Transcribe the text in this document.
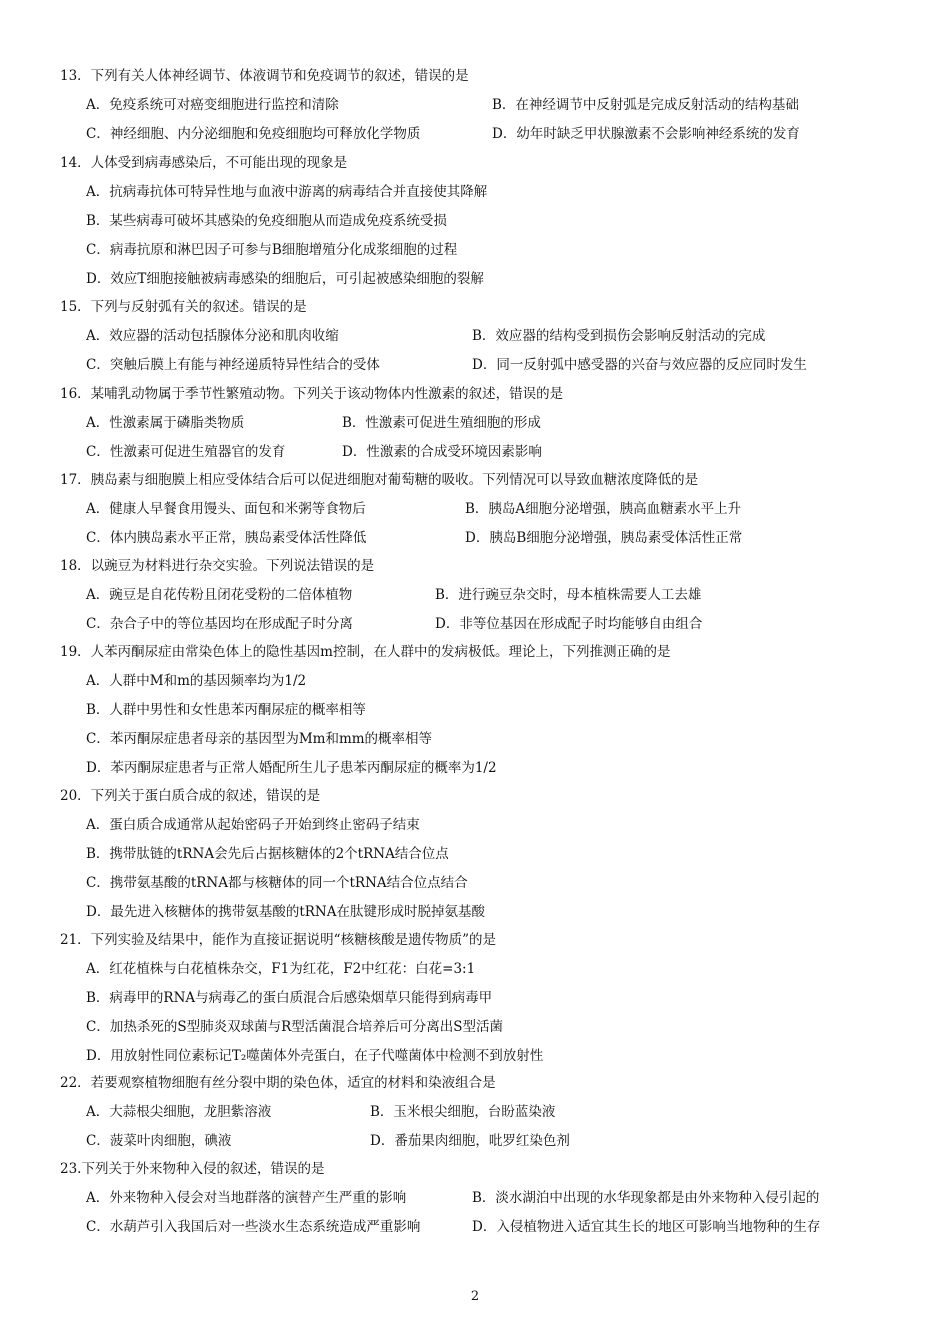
13．下列有关人体神经调节、体液调节和免疫调节的叙述，错误的是
A．免疫系统可对癌变细胞进行监控和清除	B．在神经调节中反射弧是完成反射活动的结构基础
C．神经细胞、内分泌细胞和免疫细胞均可释放化学物质	D．幼年时缺乏甲状腺激素不会影响神经系统的发育
14．人体受到病毒感染后，不可能出现的现象是
A．抗病毒抗体可特异性地与血液中游离的病毒结合并直接使其降解
B．某些病毒可破坏其感染的免疫细胞从而造成免疫系统受损
C．病毒抗原和淋巴因子可参与B细胞增殖分化成浆细胞的过程
D．效应T细胞接触被病毒感染的细胞后，可引起被感染细胞的裂解
15．下列与反射弧有关的叙述。错误的是
A．效应器的活动包括腺体分泌和肌肉收缩	B．效应器的结构受到损伤会影响反射活动的完成
C．突触后膜上有能与神经递质特异性结合的受体	D．同一反射弧中感受器的兴奋与效应器的反应同时发生
16．某哺乳动物属于季节性繁殖动物。下列关于该动物体内性激素的叙述，错误的是
A．性激素属于磷脂类物质	B．性激素可促进生殖细胞的形成
C．性激素可促进生殖器官的发育	D．性激素的合成受环境因素影响
17．胰岛素与细胞膜上相应受体结合后可以促进细胞对葡萄糖的吸收。下列情况可以导致血糖浓度降低的是
A．健康人早餐食用馒头、面包和米粥等食物后	B．胰岛A细胞分泌增强，胰高血糖素水平上升
C．体内胰岛素水平正常，胰岛素受体活性降低	D．胰岛B细胞分泌增强，胰岛素受体活性正常
18．以豌豆为材料进行杂交实验。下列说法错误的是
A．豌豆是自花传粉且闭花受粉的二倍体植物	B．进行豌豆杂交时，母本植株需要人工去雄
C．杂合子中的等位基因均在形成配子时分离	D．非等位基因在形成配子时均能够自由组合
19．人苯丙酮尿症由常染色体上的隐性基因m控制，在人群中的发病极低。理论上，下列推测正确的是
A．人群中M和m的基因频率均为1/2
B．人群中男性和女性患苯丙酮尿症的概率相等
C．苯丙酮尿症患者母亲的基因型为Mm和mm的概率相等
D．苯丙酮尿症患者与正常人婚配所生儿子患苯丙酮尿症的概率为1/2
20．下列关于蛋白质合成的叙述，错误的是
A．蛋白质合成通常从起始密码子开始到终止密码子结束
B．携带肽链的tRNA会先后占据核糖体的2个tRNA结合位点
C．携带氨基酸的tRNA都与核糖体的同一个tRNA结合位点结合
D．最先进入核糖体的携带氨基酸的tRNA在肽键形成时脱掉氨基酸
21．下列实验及结果中，能作为直接证据说明“核糖核酸是遗传物质”的是
A．红花植株与白花植株杂交，F1为红花，F2中红花：白花=3:1
B．病毒甲的RNA与病毒乙的蛋白质混合后感染烟草只能得到病毒甲
C．加热杀死的S型肺炎双球菌与R型活菌混合培养后可分离出S型活菌
D．用放射性同位素标记T₂噬菌体外壳蛋白，在子代噬菌体中检测不到放射性
22．若要观察植物细胞有丝分裂中期的染色体，适宜的材料和染液组合是
A．大蒜根尖细胞，龙胆紫溶液	B．玉米根尖细胞，台盼蓝染液
C．菠菜叶肉细胞，碘液	D．番茄果肉细胞，吡罗红染色剂
23.下列关于外来物种入侵的叙述，错误的是
A．外来物种入侵会对当地群落的演替产生严重的影响	B．淡水湖泊中出现的水华现象都是由外来物种入侵引起的
C．水葫芦引入我国后对一些淡水生态系统造成严重影响	D．入侵植物进入适宜其生长的地区可影响当地物种的生存
2
